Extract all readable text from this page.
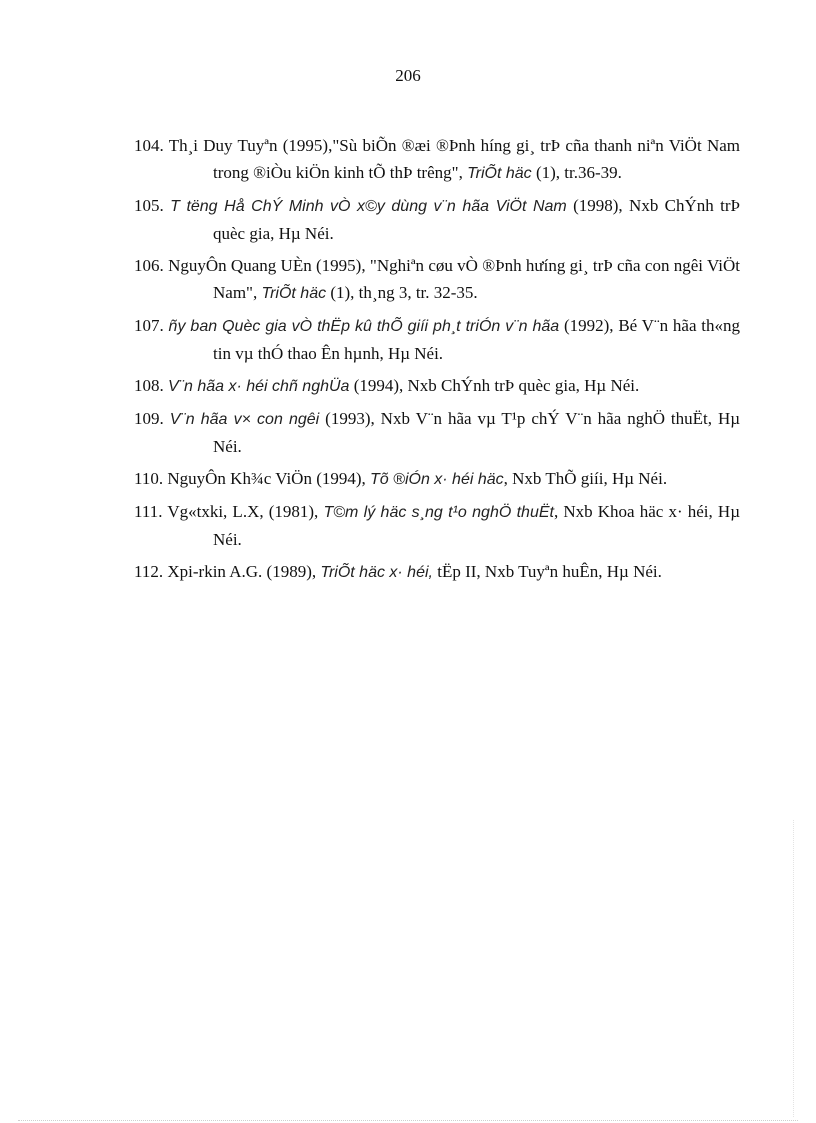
206
104. Th¸i Duy Tuyªn (1995),"Sù biÕn ®æi ®Þnh híng gi¸ trÞ cña thanh niªn ViÖt Nam trong ®iÒu kiÖn kinh tÕ thÞ trêng", TriÕt häc (1), tr.36-39.
105. T tëng Hå ChÝ Minh vÒ x©y dùng v¨n hãa ViÖt Nam (1998), Nxb ChÝnh trÞ quèc gia, Hµ Néi.
106. NguyÔn Quang UÈn (1995), "Nghiªn cøu vÒ ®Þnh hưíng gi¸ trÞ cña con ngêi ViÖt Nam", TriÕt häc (1), th¸ng 3, tr. 32-35.
107. ñy ban Quèc gia vÒ thËp kû thÕ giíi ph¸t triÓn v¨n hãa (1992), Bé V¨n hãa th«ng tin vµ thÓ thao Ên hµnh, Hµ Néi.
108. V¨n hãa x· héi chñ nghÜa (1994), Nxb ChÝnh trÞ quèc gia, Hµ Néi.
109. V¨n hãa v× con ngêi (1993), Nxb V¨n hãa vµ T¹p chÝ V¨n hãa nghÖ thuËt, Hµ Néi.
110. NguyÔn Kh¾c ViÖn (1994), Tõ ®iÓn x· héi häc, Nxb ThÕ giíi, Hµ Néi.
111. Vg«txki, L.X, (1981), T©m lý häc s¸ng t¹o nghÖ thuËt, Nxb Khoa häc x· héi, Hµ Néi.
112. Xpi-rkin A.G. (1989), TriÕt häc x· héi, tËp II, Nxb Tuyªn huÊn, Hµ Néi.
